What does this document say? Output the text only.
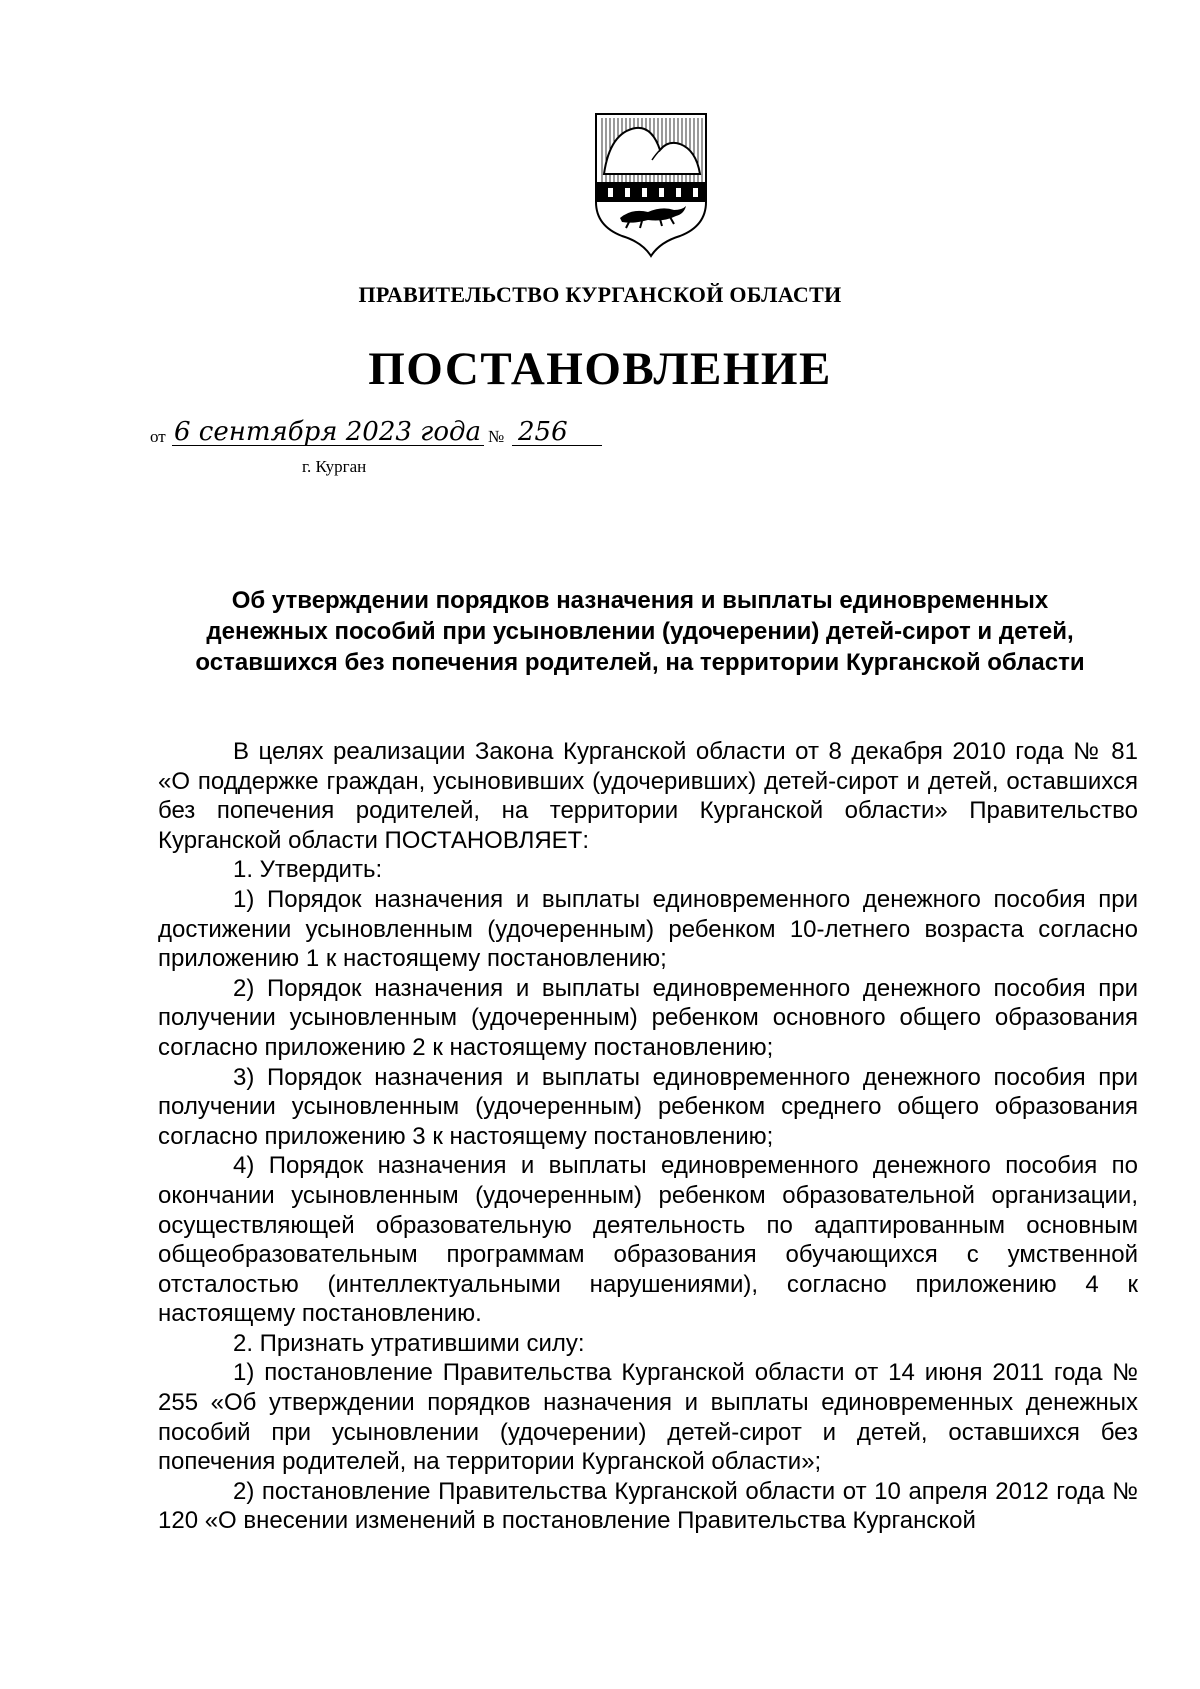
ПРАВИТЕЛЬСТВО КУРГАНСКОЙ ОБЛАСТИ
ПОСТАНОВЛЕНИЕ
от 6 сентября 2023 года № 256
г. Курган
Об утверждении порядков назначения и выплаты единовременных
денежных пособий при усыновлении (удочерении) детей-сирот и детей,
оставшихся без попечения родителей, на территории Курганской области

В целях реализации Закона Курганской области от 8 декабря 2010 года № 81 «О поддержке граждан, усыновивших (удочеривших) детей-сирот и детей, оставшихся без попечения родителей, на территории Курганской области» Правительство Курганской области ПОСТАНОВЛЯЕТ:

1. Утвердить:

1) Порядок назначения и выплаты единовременного денежного пособия при достижении усыновленным (удочеренным) ребенком 10-летнего возраста согласно приложению 1 к настоящему постановлению;

2) Порядок назначения и выплаты единовременного денежного пособия при получении усыновленным (удочеренным) ребенком основного общего образования согласно приложению 2 к настоящему постановлению;

3) Порядок назначения и выплаты единовременного денежного пособия при получении усыновленным (удочеренным) ребенком среднего общего образования согласно приложению 3 к настоящему постановлению;

4) Порядок назначения и выплаты единовременного денежного пособия по окончании усыновленным (удочеренным) ребенком образовательной организации, осуществляющей образовательную деятельность по адаптированным основным общеобразовательным программам образования обучающихся с умственной отсталостью (интеллектуальными нарушениями), согласно приложению 4 к настоящему постановлению.

2. Признать утратившими силу:

1) постановление Правительства Курганской области от 14 июня 2011 года № 255 «Об утверждении порядков назначения и выплаты единовременных денежных пособий при усыновлении (удочерении) детей-сирот и детей, оставшихся без попечения родителей, на территории Курганской области»;

2) постановление Правительства Курганской области от 10 апреля 2012 года № 120 «О внесении изменений в постановление Правительства Курганской
